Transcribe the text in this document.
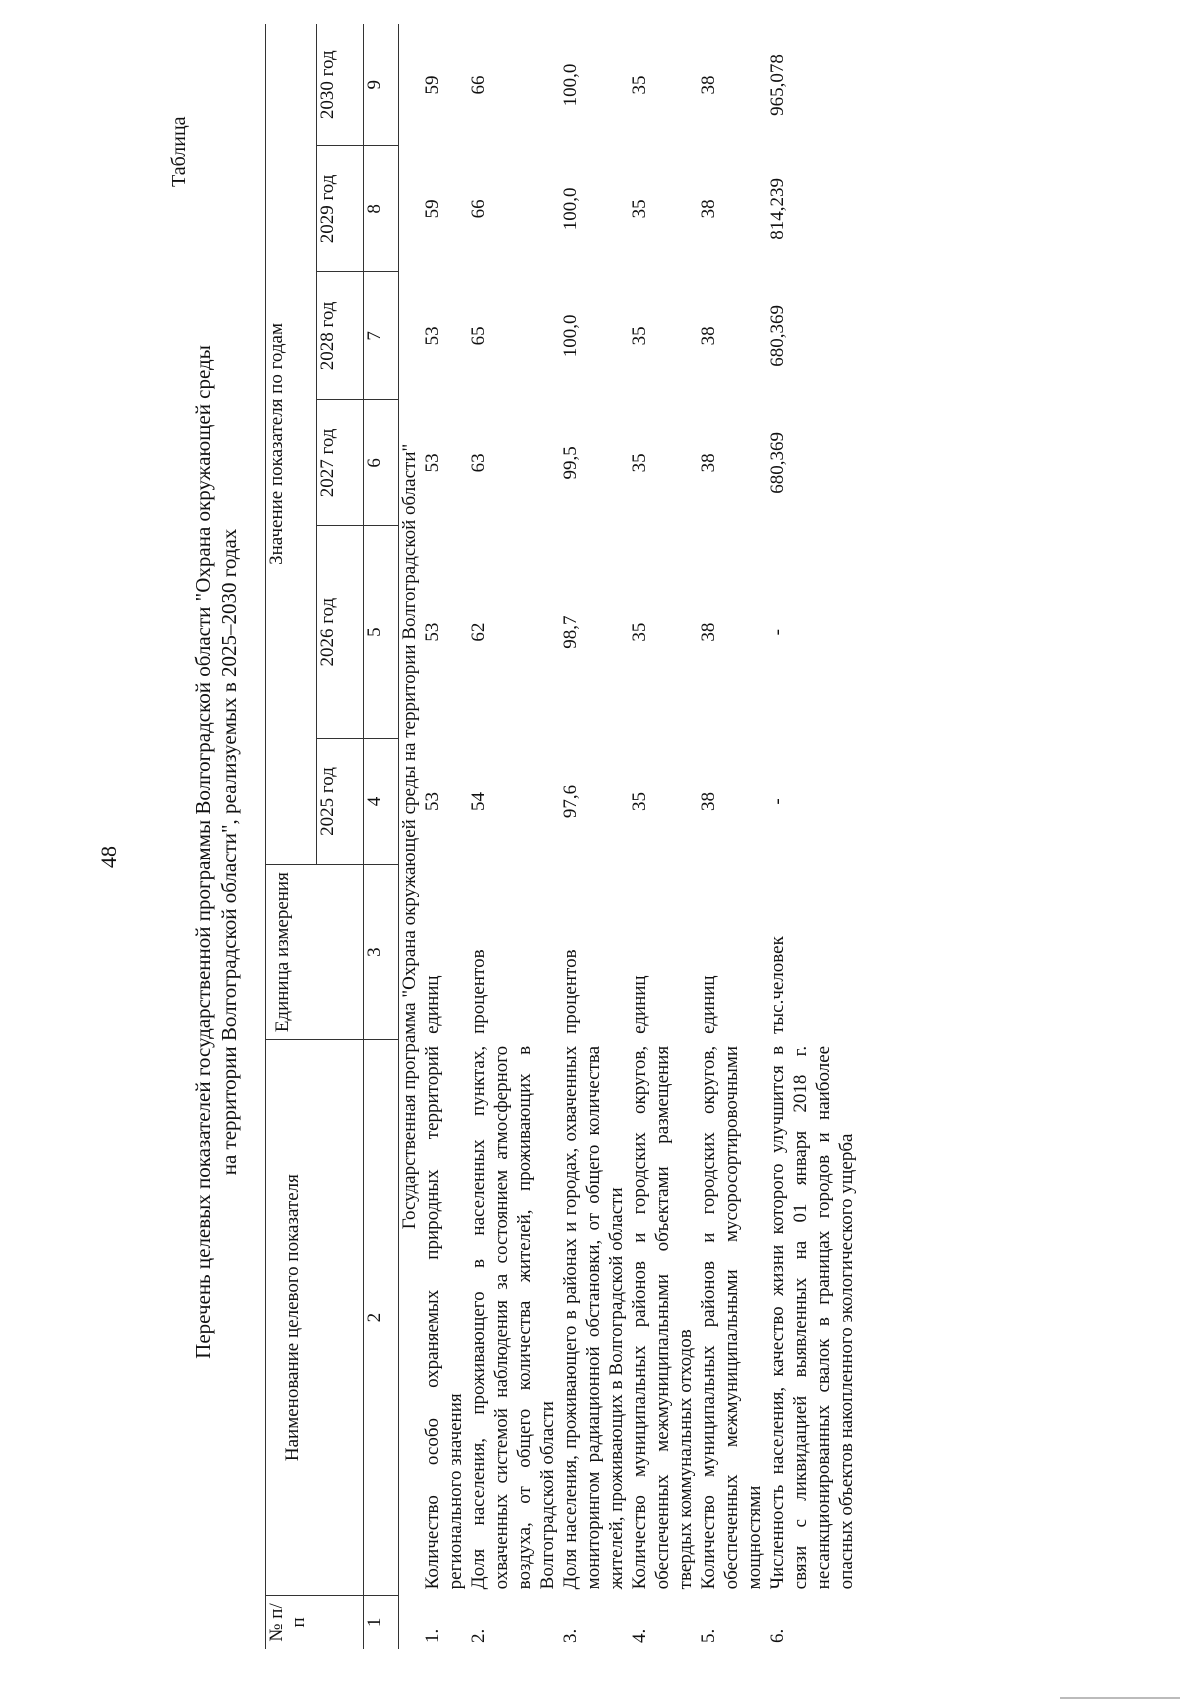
48
Таблица
Перечень целевых показателей государственной программы Волгоградской области "Охрана окружающей среды на территории Волгоградской области", реализуемых в 2025–2030 годах
№ п/п	Наименование целевого показателя	Единица измерения	Значение показателя по годам					
			2025 год	2026 год	2027 год	2028 год	2029 год	2030 год
1	2	3	4	5	6	7	8	9
Государственная программа "Охрана окружающей среды на территории Волгоградской области"								
1.	Количество особо охраняемых природных территорий регионального значения	единиц	53	53	53	53	59	59
2.	Доля населения, проживающего в населенных пунктах, охваченных системой наблюдения за состоянием атмосферного воздуха, от общего количества жителей, проживающих в Волгоградской области	процентов	54	62	63	65	66	66
3.	Доля населения, проживающего в районах и городах, охваченных мониторингом радиационной обстановки, от общего количества жителей, проживающих в Волгоградской области	процентов	97,6	98,7	99,5	100,0	100,0	100,0
4.	Количество муниципальных районов и городских округов, обеспеченных межмуниципальными объектами размещения твердых коммунальных отходов	единиц	35	35	35	35	35	35
5.	Количество муниципальных районов и городских округов, обеспеченных межмуниципальными мусоросортировочными мощностями	единиц	38	38	38	38	38	38
6.	Численность населения, качество жизни которого улучшится в связи с ликвидацией выявленных на 01 января 2018 г. несанкционированных свалок в границах городов и наиболее опасных объектов накопленного экологического ущерба	тыс.человек	-	-	680,369	680,369	814,239	965,078
